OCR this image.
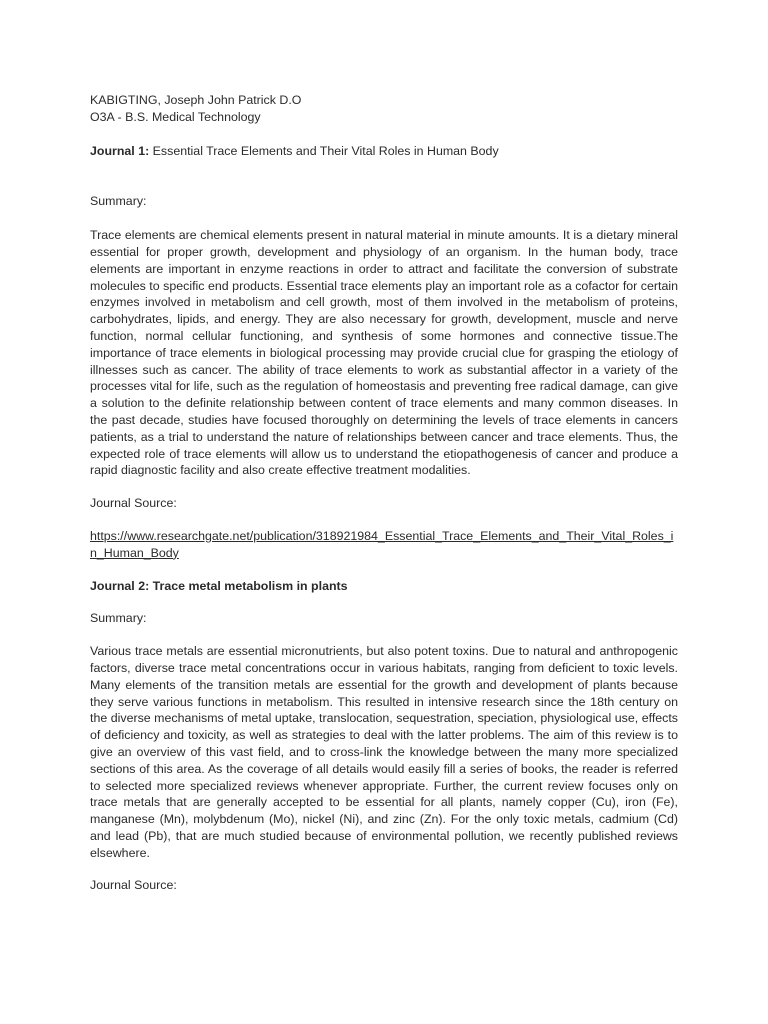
KABIGTING, Joseph John Patrick D.O
O3A - B.S. Medical Technology
Journal 1: Essential Trace Elements and Their Vital Roles in Human Body
Summary:
Trace elements are chemical elements present in natural material in minute amounts. It is a dietary mineral essential for proper growth, development and physiology of an organism. In the human body, trace elements are important in enzyme reactions in order to attract and facilitate the conversion of substrate molecules to specific end products. Essential trace elements play an important role as a cofactor for certain enzymes involved in metabolism and cell growth, most of them involved in the metabolism of proteins, carbohydrates, lipids, and energy. They are also necessary for growth, development, muscle and nerve function, normal cellular functioning, and synthesis of some hormones and connective tissue.The importance of trace elements in biological processing may provide crucial clue for grasping the etiology of illnesses such as cancer. The ability of trace elements to work as substantial affector in a variety of the processes vital for life, such as the regulation of homeostasis and preventing free radical damage, can give a solution to the definite relationship between content of trace elements and many common diseases. In the past decade, studies have focused thoroughly on determining the levels of trace elements in cancers patients, as a trial to understand the nature of relationships between cancer and trace elements. Thus, the expected role of trace elements will allow us to understand the etiopathogenesis of cancer and produce a rapid diagnostic facility and also create effective treatment modalities.
Journal Source:
https://www.researchgate.net/publication/318921984_Essential_Trace_Elements_and_Their_Vital_Roles_in_Human_Body
Journal 2: Trace metal metabolism in plants
Summary:
Various trace metals are essential micronutrients, but also potent toxins. Due to natural and anthropogenic factors, diverse trace metal concentrations occur in various habitats, ranging from deficient to toxic levels. Many elements of the transition metals are essential for the growth and development of plants because they serve various functions in metabolism. This resulted in intensive research since the 18th century on the diverse mechanisms of metal uptake, translocation, sequestration, speciation, physiological use, effects of deficiency and toxicity, as well as strategies to deal with the latter problems. The aim of this review is to give an overview of this vast field, and to cross-link the knowledge between the many more specialized sections of this area. As the coverage of all details would easily fill a series of books, the reader is referred to selected more specialized reviews whenever appropriate. Further, the current review focuses only on trace metals that are generally accepted to be essential for all plants, namely copper (Cu), iron (Fe), manganese (Mn), molybdenum (Mo), nickel (Ni), and zinc (Zn). For the only toxic metals, cadmium (Cd) and lead (Pb), that are much studied because of environmental pollution, we recently published reviews elsewhere.
Journal Source:
